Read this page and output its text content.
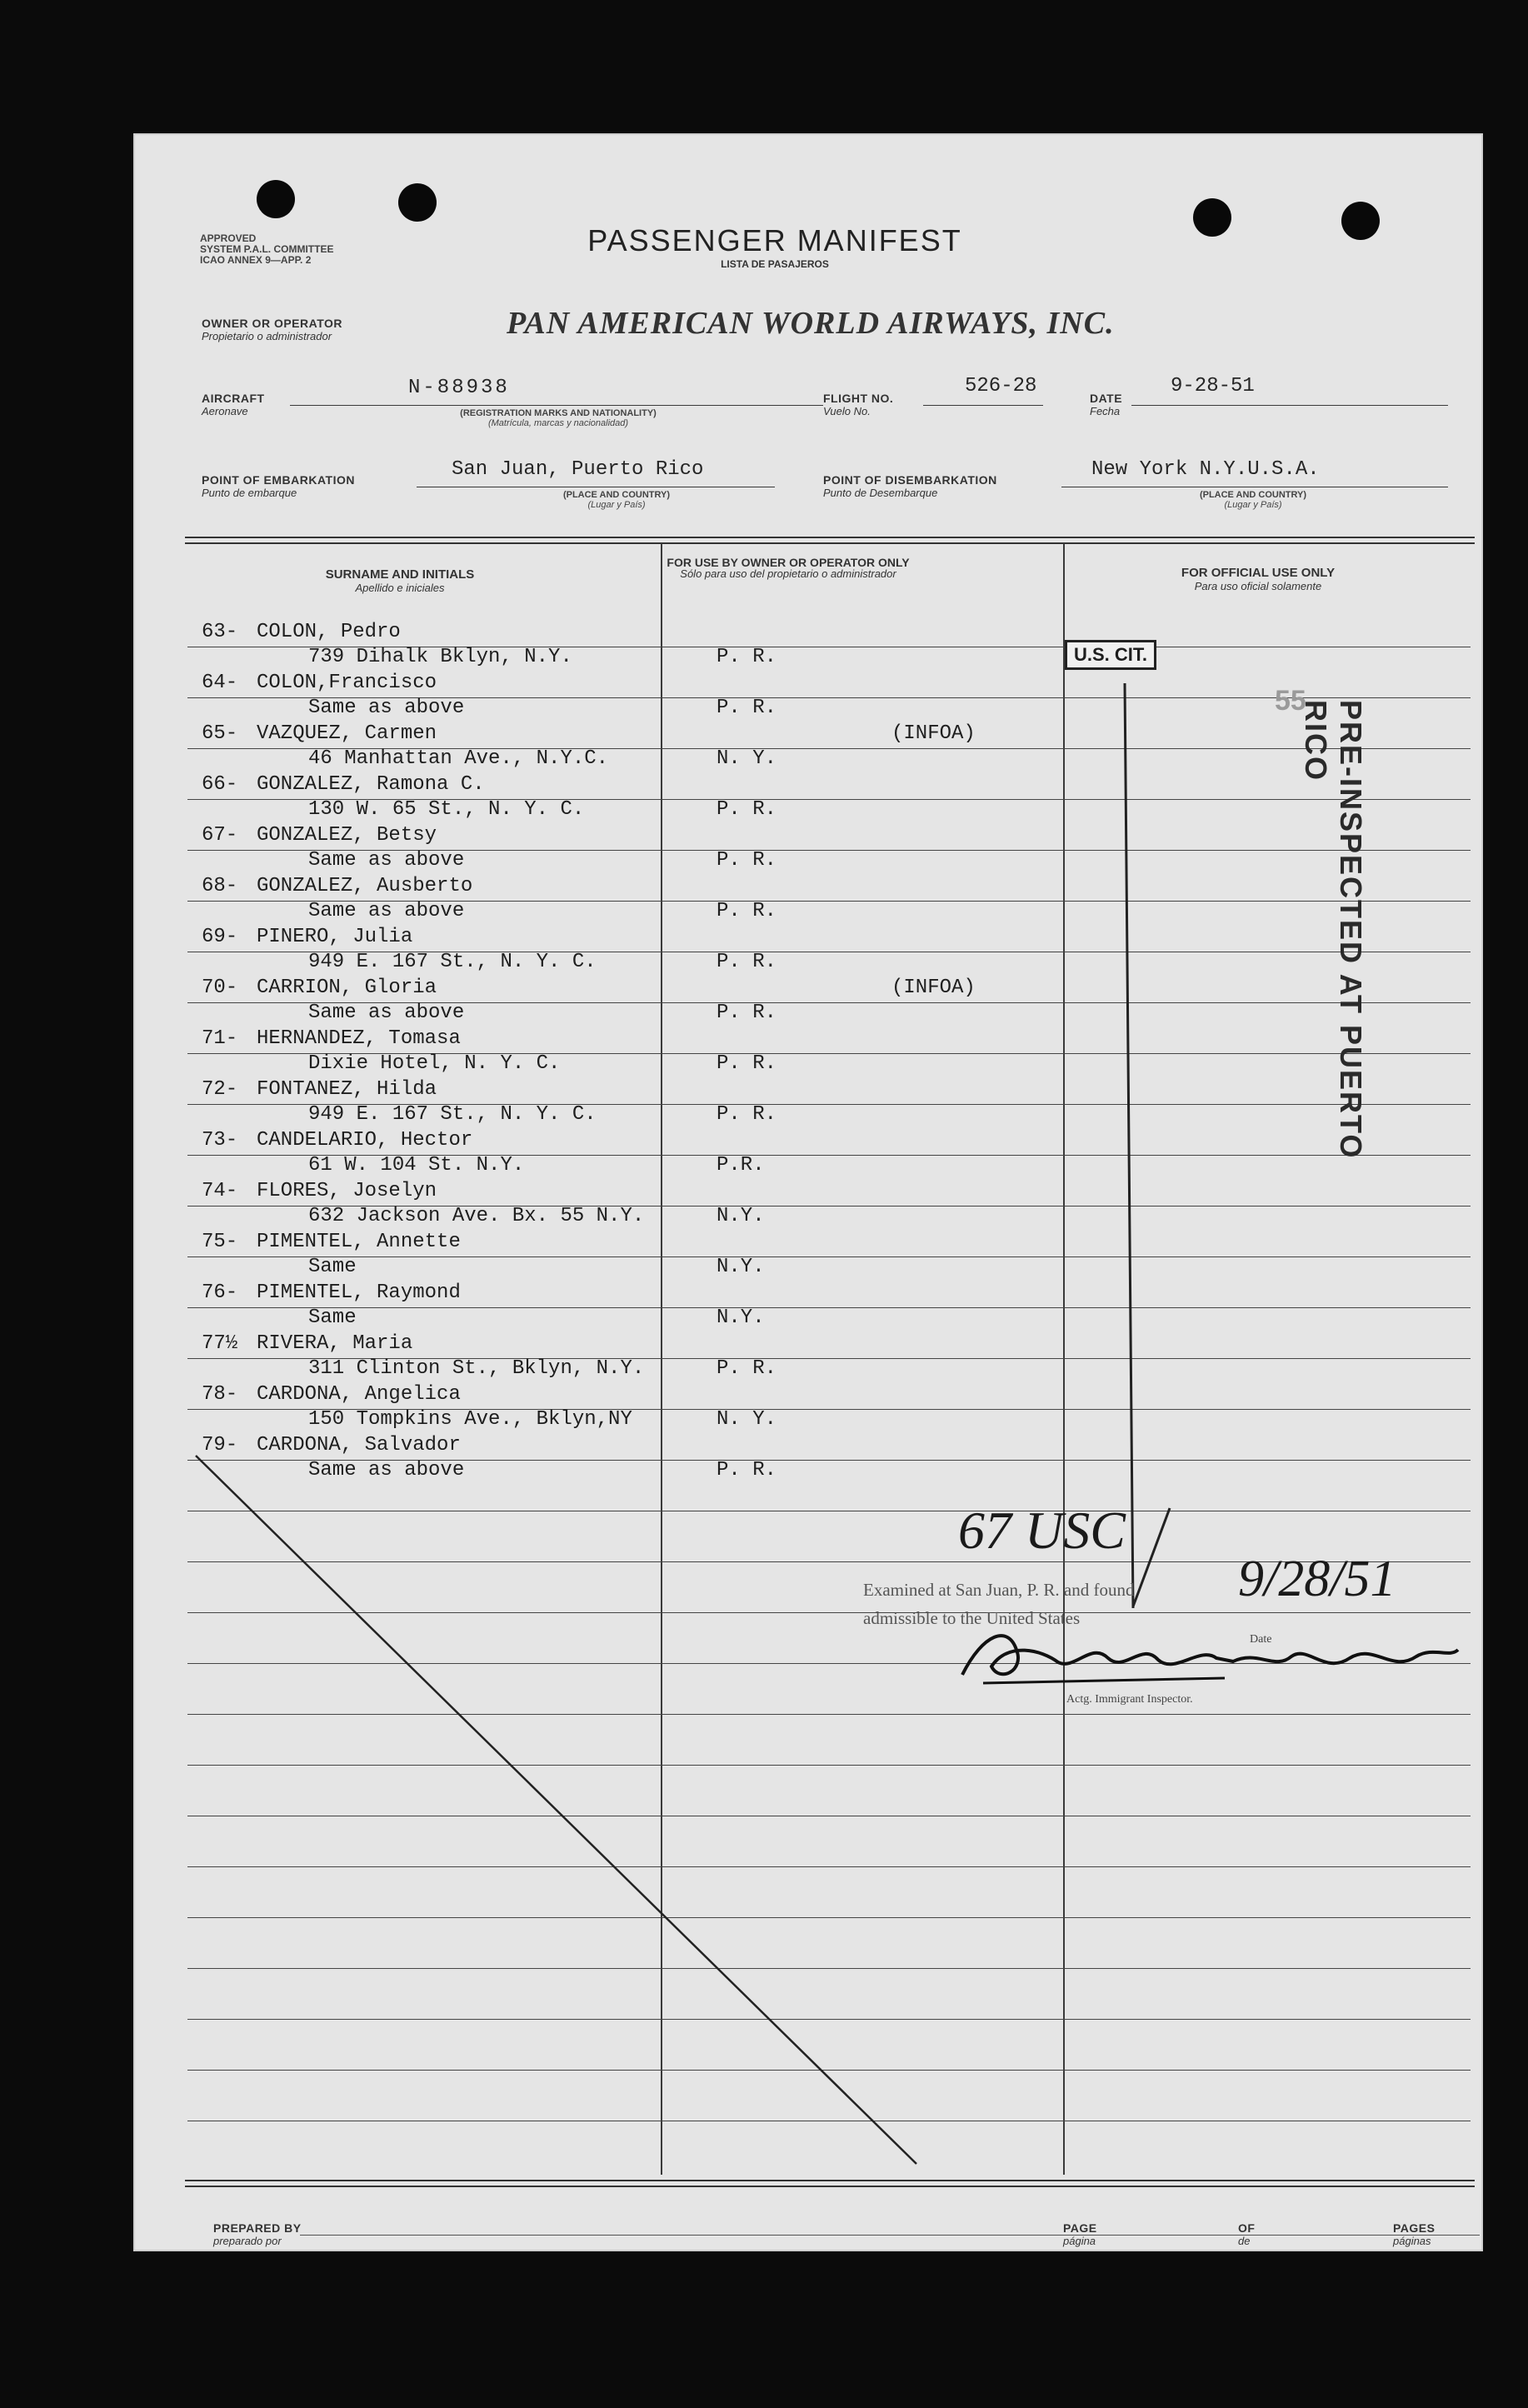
APPROVED
SYSTEM P.A.L. COMMITTEE
ICAO ANNEX 9—APP. 2
PASSENGER MANIFEST
LISTA DE PASAJEROS
OWNER OR OPERATOR
Propietario o administrador	PAN AMERICAN WORLD AIRWAYS, INC.
AIRCRAFT
Aeronave
N-88938
(REGISTRATION MARKS AND NATIONALITY)
(Matrícula, marcas y nacionalidad)
FLIGHT NO.
Vuelo No.
526-28
DATE
Fecha
9-28-51
POINT OF EMBARKATION
Punto de embarque
San Juan, Puerto Rico
(PLACE AND COUNTRY)
(Lugar y País)
POINT OF DISEMBARKATION
Punto de Desembarque
New York N.Y.U.S.A.
(PLACE AND COUNTRY)
(Lugar y País)
SURNAME AND INITIALS
Apellido e iniciales
FOR USE BY OWNER OR OPERATOR ONLY
Sólo para uso del propietario o administrador	FOR OFFICIAL USE ONLY
Para uso oficial solamente
63- COLON, Pedro
739 Dihalk Bklyn, N.Y.	P. R.
64- COLON,Francisco
Same as above	P. R.
65- VAZQUEZ, Carmen
46 Manhattan Ave., N.Y.C.	N. Y.
(INFOA)
66- GONZALEZ, Ramona C.
130 W. 65 St., N. Y. C.	P. R.
67- GONZALEZ, Betsy
Same as above	P. R.
68- GONZALEZ, Ausberto
Same as above	P. R.
69- PINERO, Julia
949 E. 167 St., N. Y. C.	P. R.
70- CARRION, Gloria
Same as above	P. R.
(INFOA)
71- HERNANDEZ, Tomasa
Dixie Hotel, N. Y. C.	P. R.
72- FONTANEZ, Hilda
949 E. 167 St., N. Y. C.	P. R.
73- CANDELARIO, Hector
61 W. 104 St. N.Y.	P.R.
74- FLORES, Joselyn
632 Jackson Ave. Bx. 55 N.Y.	N.Y.
75- PIMENTEL, Annette
Same	N.Y.
76- PIMENTEL, Raymond
Same	N.Y.
77½ RIVERA, Maria
311 Clinton St., Bklyn, N.Y.	P. R.
78- CARDONA, Angelica
150 Tompkins Ave., Bklyn,NY	N. Y.
79- CARDONA, Salvador
Same as above	P. R.
U.S. CIT.
55 PRE-INSPECTED AT PUERTO RICO
67 USC
Examined at San Juan, P. R. and found
admissible to the United States
9/28/51
Date
Actg. Immigrant Inspector.
PREPARED BY
preparado por
PAGE
página
OF
de
PAGES
páginas
